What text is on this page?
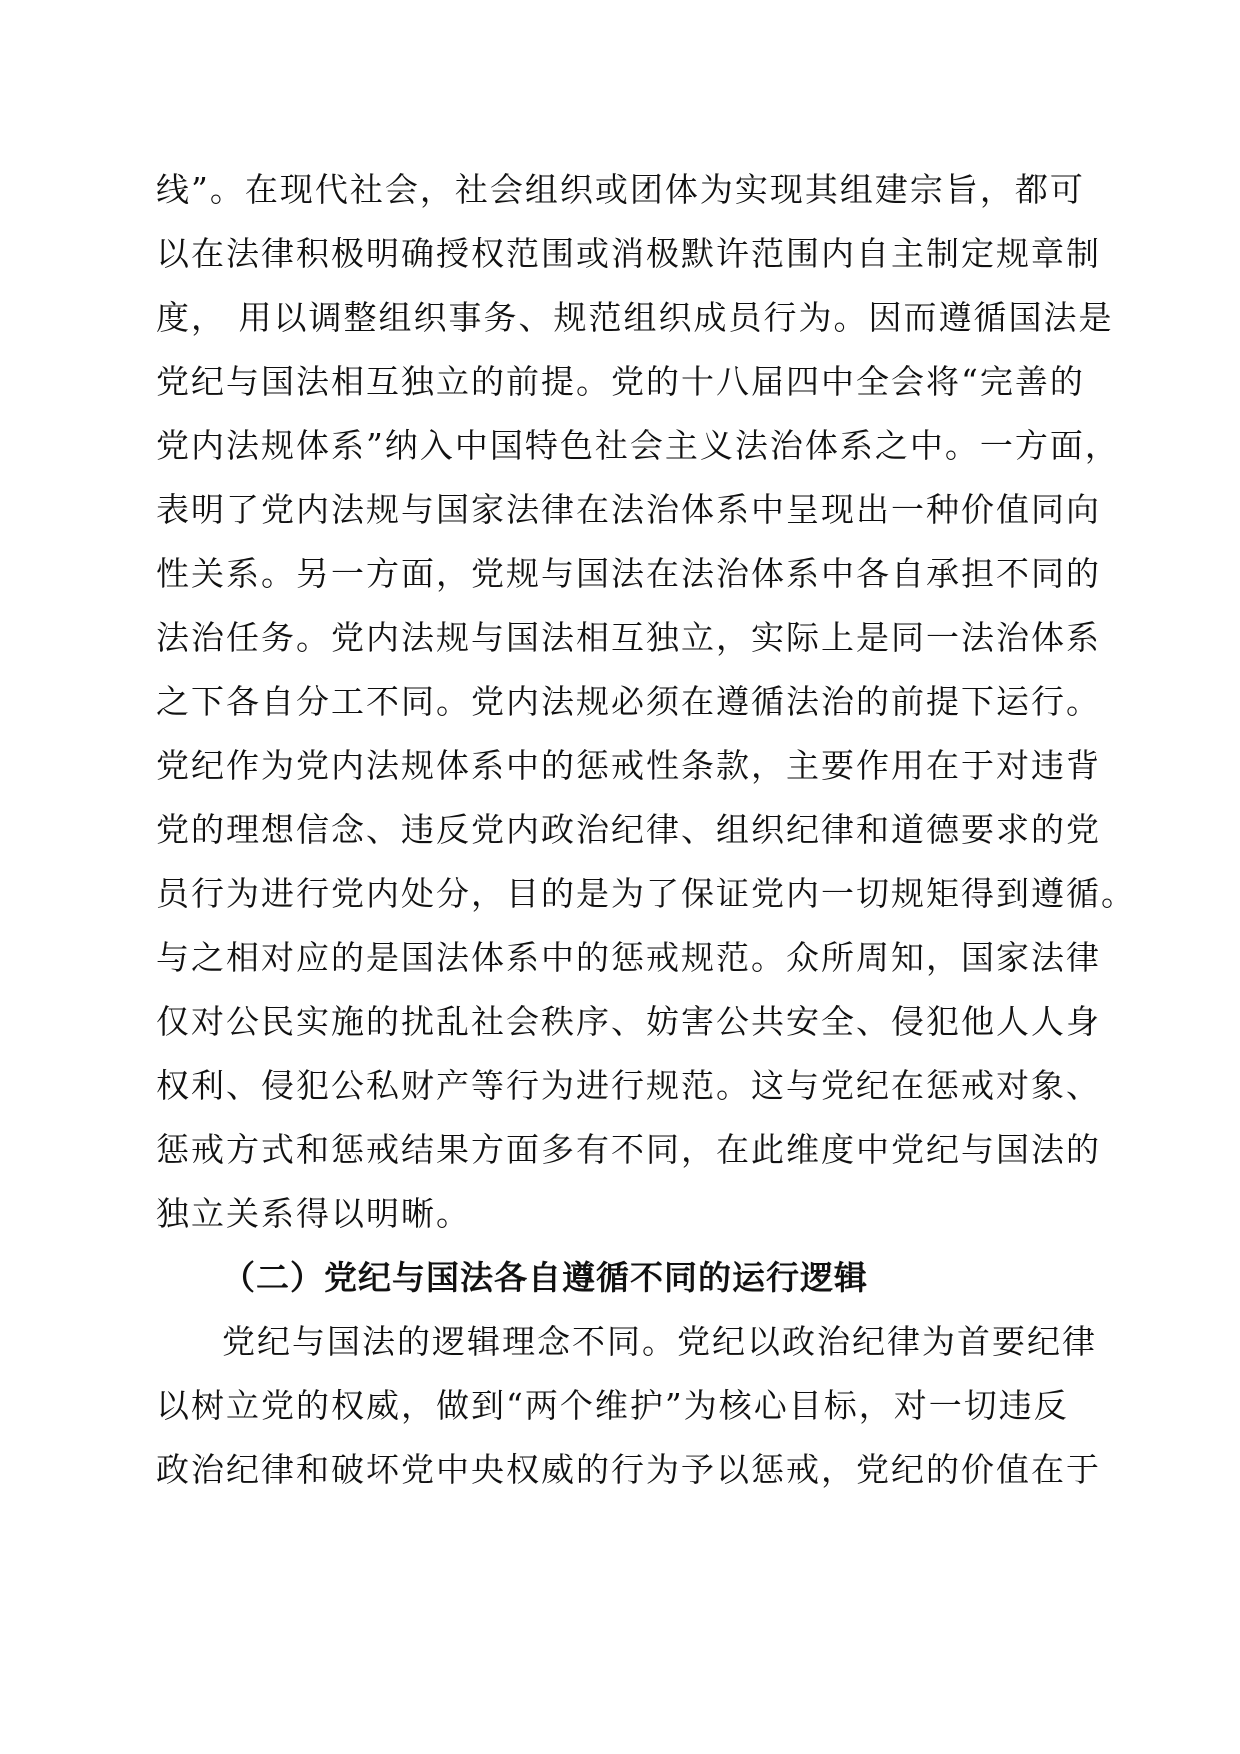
线”。在现代社会，社会组织或团体为实现其组建宗旨，都可
以在法律积极明确授权范围或消极默许范围内自主制定规章制
度， 用以调整组织事务、规范组织成员行为。因而遵循国法是
党纪与国法相互独立的前提。党的十八届四中全会将“完善的
党内法规体系”纳入中国特色社会主义法治体系之中。一方面，
表明了党内法规与国家法律在法治体系中呈现出一种价值同向
性关系。另一方面，党规与国法在法治体系中各自承担不同的
法治任务。党内法规与国法相互独立，实际上是同一法治体系
之下各自分工不同。党内法规必须在遵循法治的前提下运行。
党纪作为党内法规体系中的惩戒性条款，主要作用在于对违背
党的理想信念、违反党内政治纪律、组织纪律和道德要求的党
员行为进行党内处分，目的是为了保证党内一切规矩得到遵循。
与之相对应的是国法体系中的惩戒规范。众所周知，国家法律
仅对公民实施的扰乱社会秩序、妨害公共安全、侵犯他人人身
权利、侵犯公私财产等行为进行规范。这与党纪在惩戒对象、
惩戒方式和惩戒结果方面多有不同，在此维度中党纪与国法的
独立关系得以明晰。
（二）党纪与国法各自遵循不同的运行逻辑
党纪与国法的逻辑理念不同。党纪以政治纪律为首要纪律
以树立党的权威，做到“两个维护”为核心目标，对一切违反
政治纪律和破坏党中央权威的行为予以惩戒，党纪的价值在于
